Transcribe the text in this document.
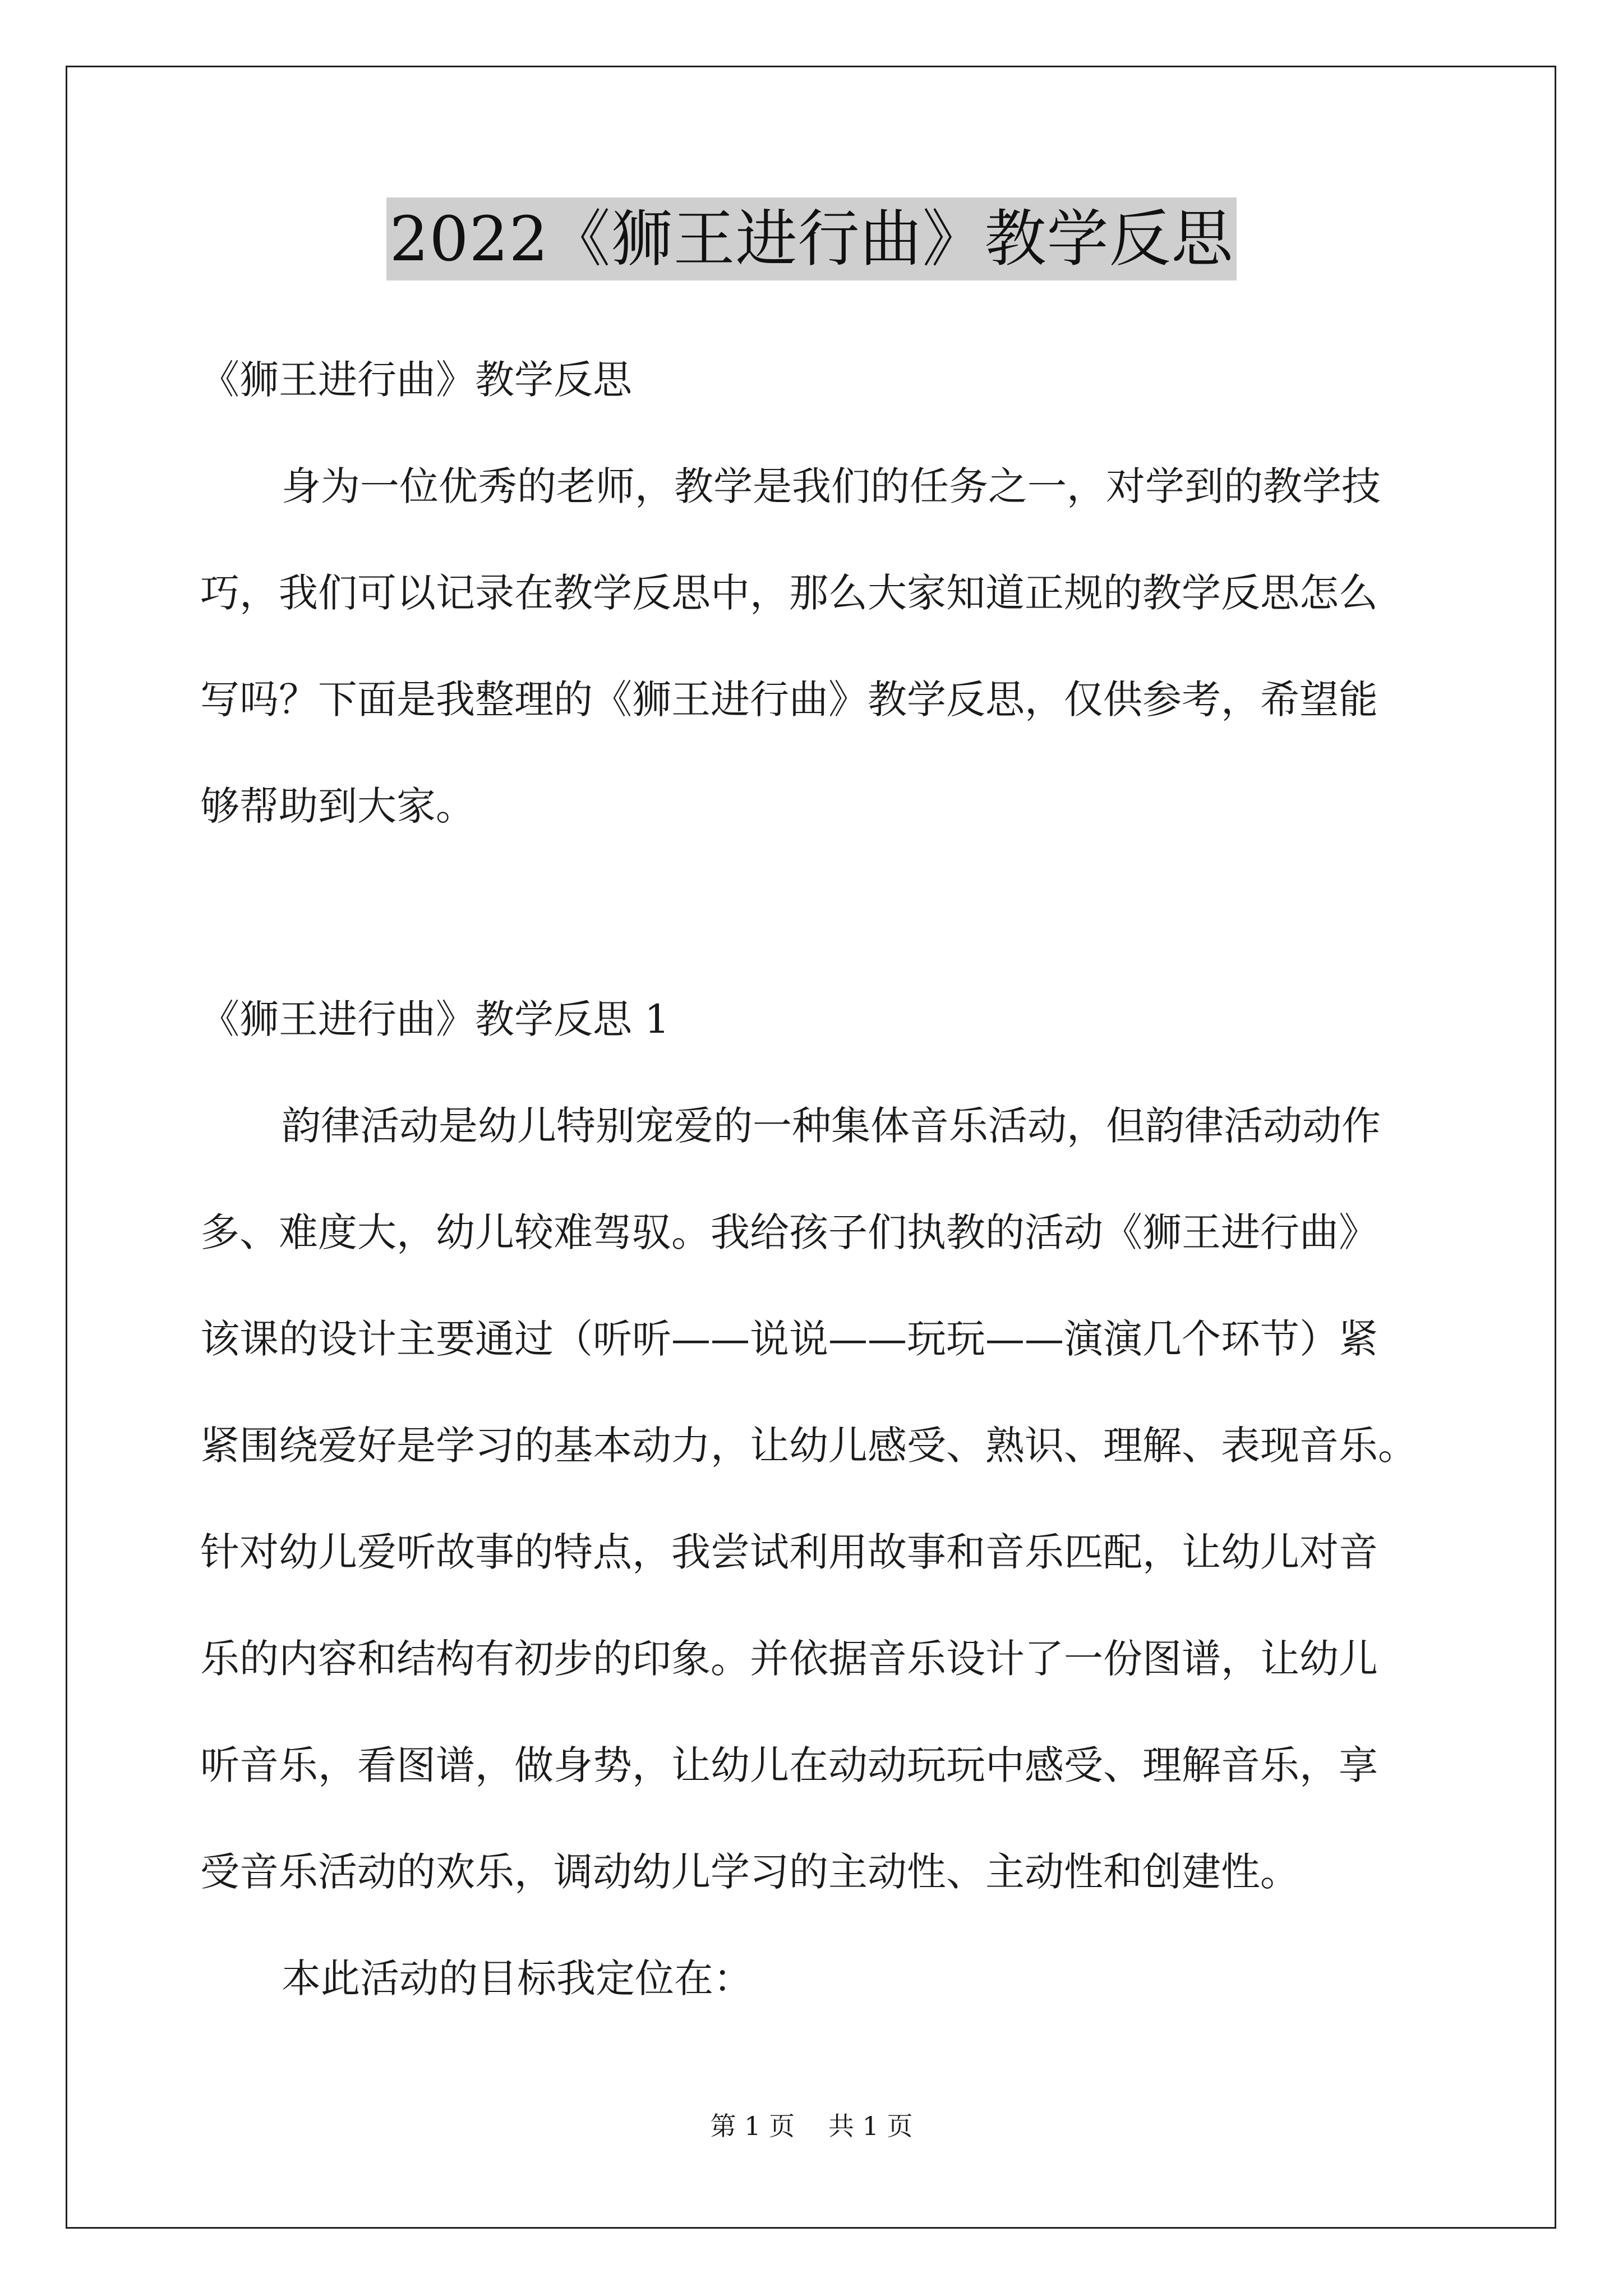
2022《狮王进行曲》教学反思
《狮王进行曲》教学反思
身为一位优秀的老师，教学是我们的任务之一，对学到的教学技
巧，我们可以记录在教学反思中，那么大家知道正规的教学反思怎么
写吗？下面是我整理的《狮王进行曲》教学反思，仅供参考，希望能
够帮助到大家。
《狮王进行曲》教学反思 1
韵律活动是幼儿特别宠爱的一种集体音乐活动，但韵律活动动作
多、难度大，幼儿较难驾驭。我给孩子们执教的活动《狮王进行曲》
该课的设计主要通过（听听——说说——玩玩——演演几个环节）紧
紧围绕爱好是学习的基本动力，让幼儿感受、熟识、理解、表现音乐。
针对幼儿爱听故事的特点，我尝试利用故事和音乐匹配，让幼儿对音
乐的内容和结构有初步的印象。并依据音乐设计了一份图谱，让幼儿
听音乐，看图谱，做身势，让幼儿在动动玩玩中感受、理解音乐，享
受音乐活动的欢乐，调动幼儿学习的主动性、主动性和创建性。
本此活动的目标我定位在：
第 1 页 共 1 页
